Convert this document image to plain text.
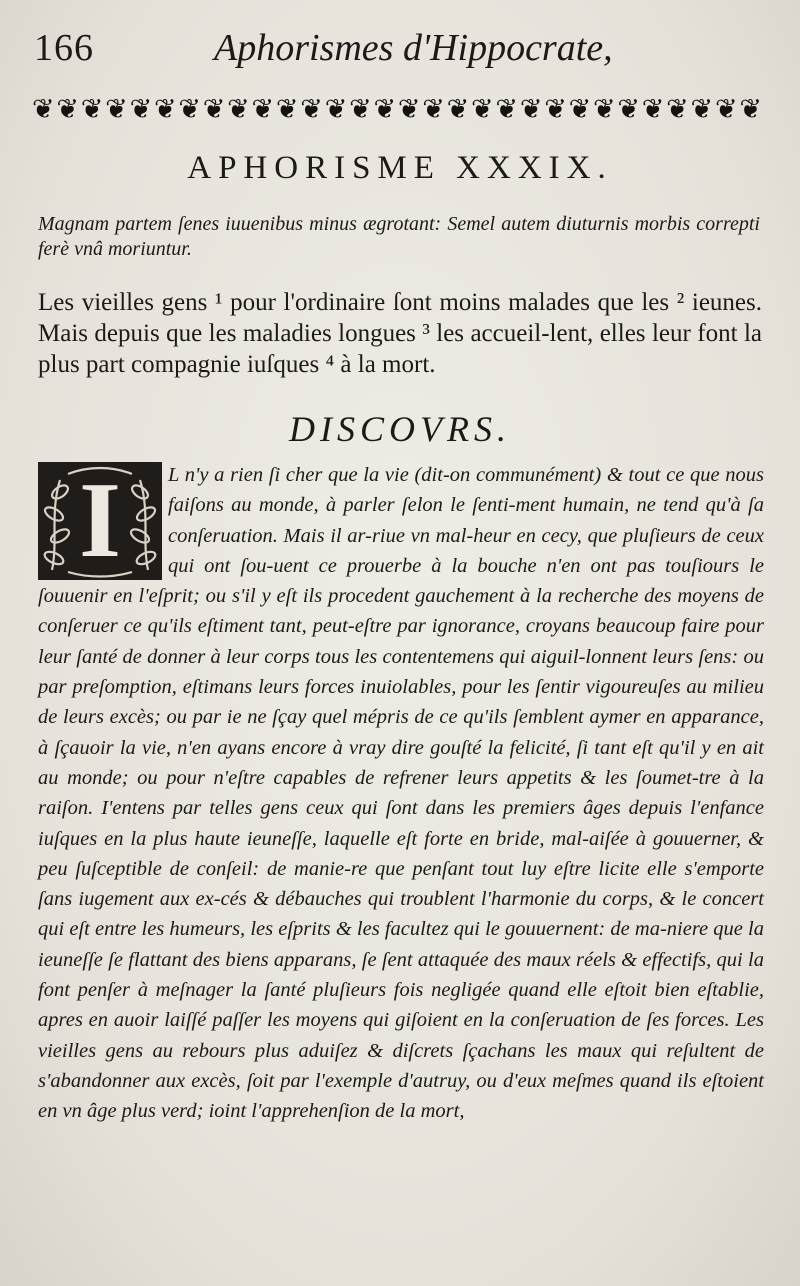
166	Aphorismes d'Hippocrate,
❦ ❦ ❦ ❦ ❦ ❦ ❦ ❦ ❦ ❦ ❦ ❦ ❦ ❦ ❦ ❦ ❦ ❦ ❦ ❦ ❦ ❦ ❦ ❦ ❦ ❦ ❦ ❦ ❦ ❦
APHORISME XXXIX.
Magnam partem ſenes iuuenibus minus ægrotant: Semel autem diuturnis morbis correpti ferè vnâ moriuntur.
Les vieilles gens ¹ pour l'ordinaire ſont moins malades que les ² ieunes. Mais depuis que les maladies longues ³ les accueil-lent, elles leur font la plus part compagnie iuſques ⁴ à la mort.
DISCOVRS.
I	L n'y a rien ſi cher que la vie (dit-on communément) & tout ce que nous faiſons au monde, à parler ſelon le ſenti-ment humain, ne tend qu'à ſa conſeruation. Mais il ar-riue vn mal-heur en cecy, que pluſieurs de ceux qui ont ſou-uent ce prouerbe à la bouche n'en ont pas touſiours le ſouuenir en l'eſprit; ou s'il y eſt ils procedent gauchement à la recherche des moyens de conſeruer ce qu'ils eſtiment tant, peut-eſtre par ignorance, croyans beaucoup faire pour leur ſanté de donner à leur corps tous les contentemens qui aiguil-lonnent leurs ſens: ou par preſomption, eſtimans leurs forces inuiolables, pour les ſentir vigoureuſes au milieu de leurs excès; ou par ie ne ſçay quel mépris de ce qu'ils ſemblent aymer en apparance, à ſçauoir la vie, n'en ayans encore à vray dire gouſté la felicité, ſi tant eſt qu'il y en ait au monde; ou pour n'eſtre capables de refrener leurs appetits & les ſoumet-tre à la raiſon. I'entens par telles gens ceux qui ſont dans les premiers âges depuis l'enfance iuſques en la plus haute ieuneſſe, laquelle eſt forte en bride, mal-aiſée à gouuerner, & peu ſuſceptible de conſeil: de manie-re que penſant tout luy eſtre licite elle s'emporte ſans iugement aux ex-cés & débauches qui troublent l'harmonie du corps, & le concert qui eſt entre les humeurs, les eſprits & les facultez qui le gouuernent: de ma-niere que la ieuneſſe ſe flattant des biens apparans, ſe ſent attaquée des maux réels & effectifs, qui la font penſer à meſnager la ſanté pluſieurs fois negligée quand elle eſtoit bien eſtablie, apres en auoir laiſſé paſſer les moyens qui giſoient en la conſeruation de ſes forces. Les vieilles gens au rebours plus aduiſez & diſcrets ſçachans les maux qui reſultent de s'abandonner aux excès, ſoit par l'exemple d'autruy, ou d'eux meſmes quand ils eſtoient en vn âge plus verd; ioint l'apprehenſion de la mort,
